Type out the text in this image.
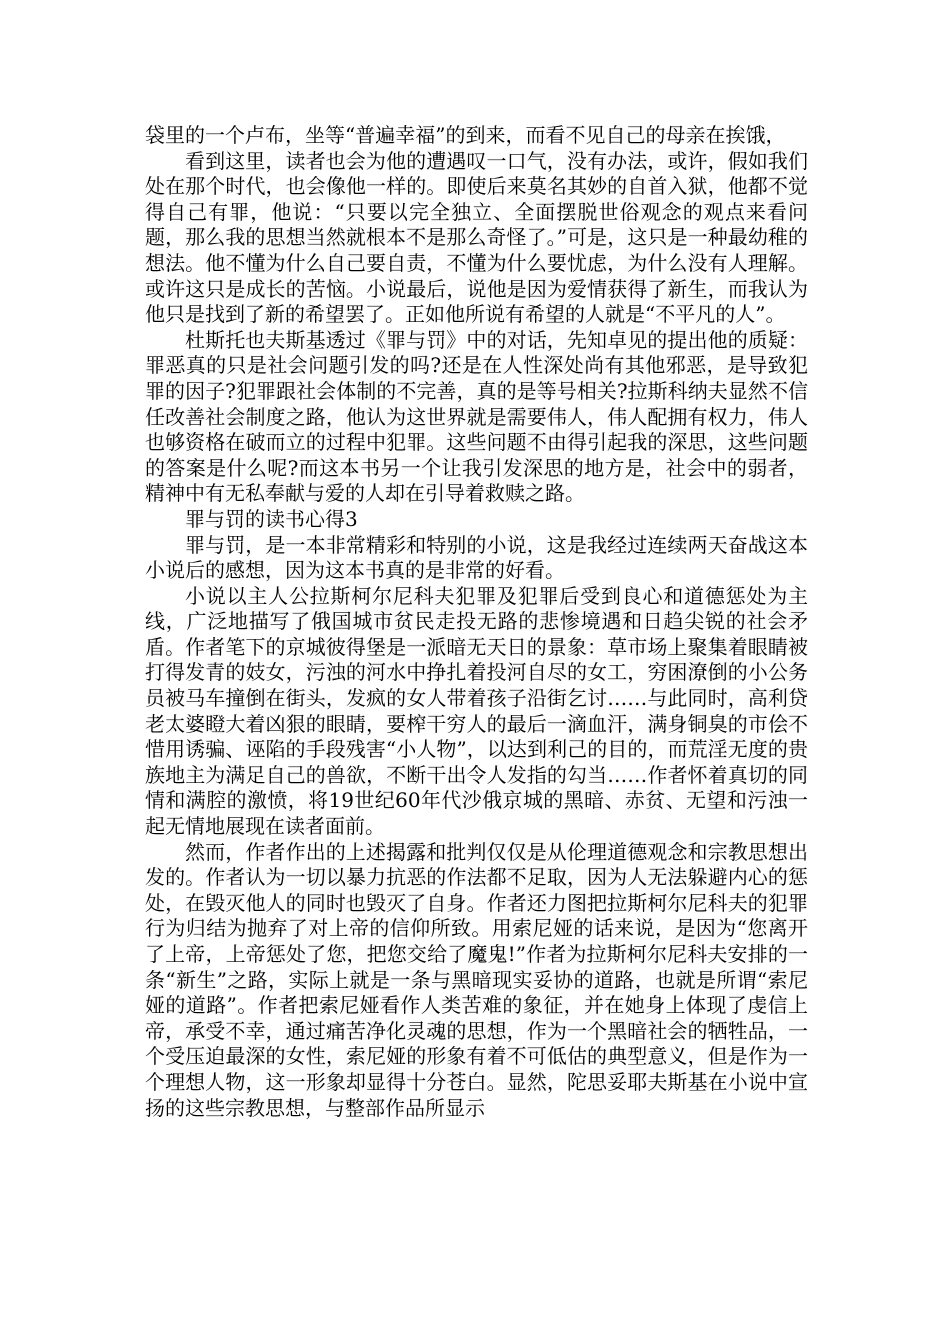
袋里的一个卢布，坐等“普遍幸福”的到来，而看不见自己的母亲在挨饿，

看到这里，读者也会为他的遭遇叹一口气，没有办法，或许，假如我们处在那个时代，也会像他一样的。即使后来莫名其妙的自首入狱，他都不觉得自己有罪，他说：“只要以完全独立、全面摆脱世俗观念的观点来看问题，那么我的思想当然就根本不是那么奇怪了。”可是，这只是一种最幼稚的想法。他不懂为什么自己要自责，不懂为什么要忧虑，为什么没有人理解。或许这只是成长的苦恼。小说最后，说他是因为爱情获得了新生，而我认为他只是找到了新的希望罢了。正如他所说有希望的人就是“不平凡的人”。

杜斯托也夫斯基透过《罪与罚》中的对话，先知卓见的提出他的质疑：罪恶真的只是社会问题引发的吗?还是在人性深处尚有其他邪恶，是导致犯罪的因子?犯罪跟社会体制的不完善，真的是等号相关?拉斯科纳夫显然不信任改善社会制度之路，他认为这世界就是需要伟人，伟人配拥有权力，伟人也够资格在破而立的过程中犯罪。这些问题不由得引起我的深思，这些问题的答案是什么呢?而这本书另一个让我引发深思的地方是，社会中的弱者，精神中有无私奉献与爱的人却在引导着救赎之路。

罪与罚的读书心得3

罪与罚，是一本非常精彩和特别的小说，这是我经过连续两天奋战这本小说后的感想，因为这本书真的是非常的好看。

小说以主人公拉斯柯尔尼科夫犯罪及犯罪后受到良心和道德惩处为主线，广泛地描写了俄国城市贫民走投无路的悲惨境遇和日趋尖锐的社会矛盾。作者笔下的京城彼得堡是一派暗无天日的景象：草市场上聚集着眼睛被打得发青的妓女，污浊的河水中挣扎着投河自尽的女工，穷困潦倒的小公务员被马车撞倒在街头，发疯的女人带着孩子沿街乞讨……与此同时，高利贷老太婆瞪大着凶狠的眼睛，要榨干穷人的最后一滴血汗，满身铜臭的市侩不惜用诱骗、诬陷的手段残害“小人物”，以达到利己的目的，而荒淫无度的贵族地主为满足自己的兽欲，不断干出令人发指的勾当……作者怀着真切的同情和满腔的激愤，将19世纪60年代沙俄京城的黑暗、赤贫、无望和污浊一起无情地展现在读者面前。

然而，作者作出的上述揭露和批判仅仅是从伦理道德观念和宗教思想出发的。作者认为一切以暴力抗恶的作法都不足取，因为人无法躲避内心的惩处，在毁灭他人的同时也毁灭了自身。作者还力图把拉斯柯尔尼科夫的犯罪行为归结为抛弃了对上帝的信仰所致。用索尼娅的话来说，是因为“您离开了上帝，上帝惩处了您，把您交给了魔鬼!”作者为拉斯柯尔尼科夫安排的一条“新生”之路，实际上就是一条与黑暗现实妥协的道路，也就是所谓“索尼娅的道路”。作者把索尼娅看作人类苦难的象征，并在她身上体现了虔信上帝，承受不幸，通过痛苦净化灵魂的思想，作为一个黑暗社会的牺牲品，一个受压迫最深的女性，索尼娅的形象有着不可低估的典型意义，但是作为一个理想人物，这一形象却显得十分苍白。显然，陀思妥耶夫斯基在小说中宣扬的这些宗教思想，与整部作品所显示
